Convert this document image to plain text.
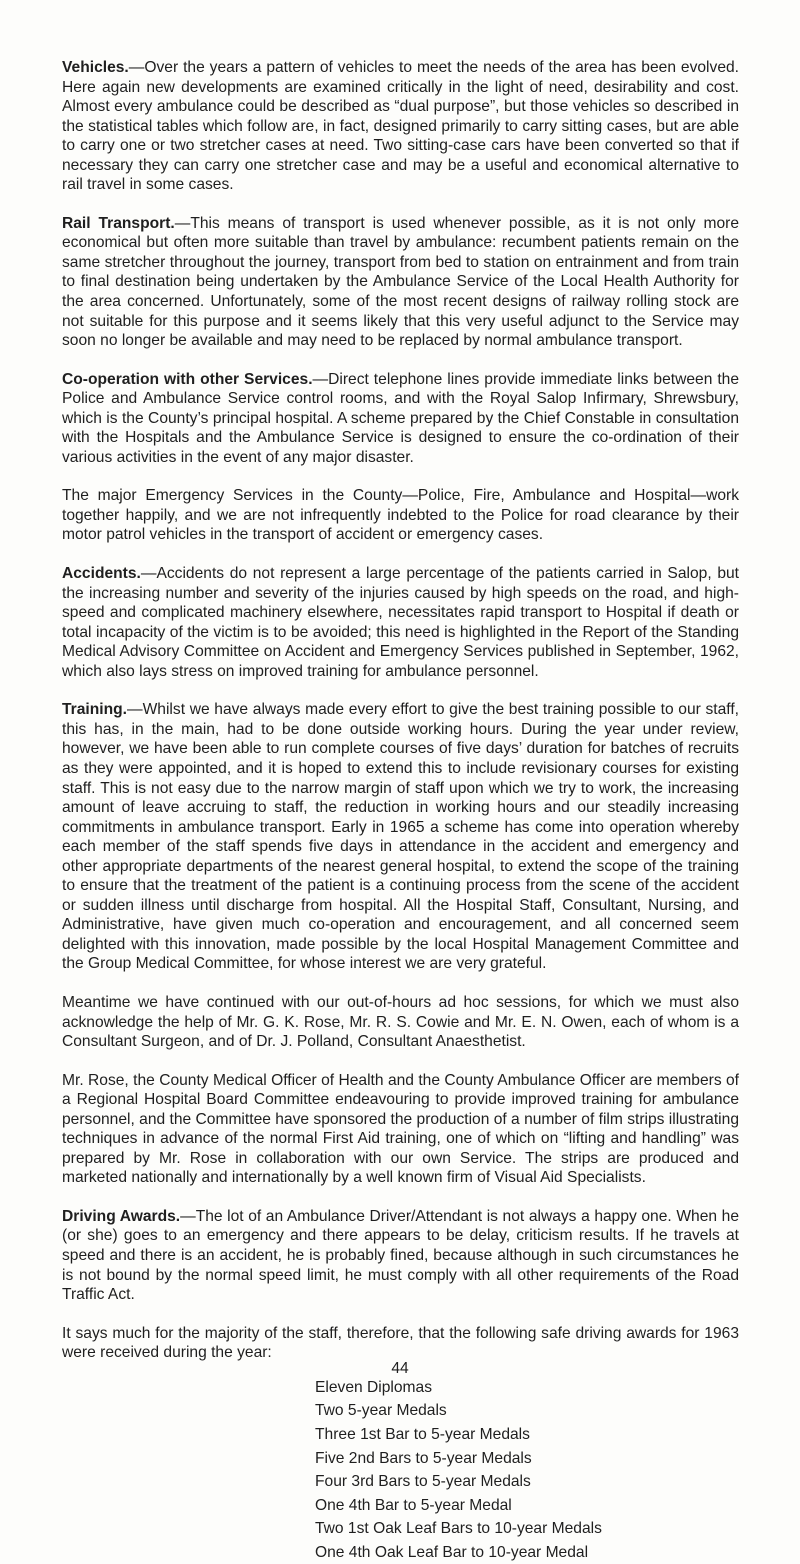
Vehicles.—Over the years a pattern of vehicles to meet the needs of the area has been evolved. Here again new developments are examined critically in the light of need, desirability and cost. Almost every ambulance could be described as “dual purpose”, but those vehicles so described in the statistical tables which follow are, in fact, designed primarily to carry sitting cases, but are able to carry one or two stretcher cases at need. Two sitting-case cars have been converted so that if necessary they can carry one stretcher case and may be a useful and economical alternative to rail travel in some cases.

Rail Transport.—This means of transport is used whenever possible, as it is not only more economical but often more suitable than travel by ambulance: recumbent patients remain on the same stretcher throughout the journey, transport from bed to station on entrainment and from train to final destination being undertaken by the Ambulance Service of the Local Health Authority for the area concerned. Unfortunately, some of the most recent designs of railway rolling stock are not suitable for this purpose and it seems likely that this very useful adjunct to the Service may soon no longer be available and may need to be replaced by normal ambulance transport.

Co-operation with other Services.—Direct telephone lines provide immediate links between the Police and Ambulance Service control rooms, and with the Royal Salop Infirmary, Shrewsbury, which is the County’s principal hospital. A scheme prepared by the Chief Constable in consultation with the Hospitals and the Ambulance Service is designed to ensure the co-ordination of their various activities in the event of any major disaster.

The major Emergency Services in the County—Police, Fire, Ambulance and Hospital—work together happily, and we are not infrequently indebted to the Police for road clearance by their motor patrol vehicles in the transport of accident or emergency cases.

Accidents.—Accidents do not represent a large percentage of the patients carried in Salop, but the increasing number and severity of the injuries caused by high speeds on the road, and high-speed and complicated machinery elsewhere, necessitates rapid transport to Hospital if death or total incapacity of the victim is to be avoided; this need is highlighted in the Report of the Standing Medical Advisory Committee on Accident and Emergency Services published in September, 1962, which also lays stress on improved training for ambulance personnel.

Training.—Whilst we have always made every effort to give the best training possible to our staff, this has, in the main, had to be done outside working hours. During the year under review, however, we have been able to run complete courses of five days’ duration for batches of recruits as they were appointed, and it is hoped to extend this to include revisionary courses for existing staff. This is not easy due to the narrow margin of staff upon which we try to work, the increasing amount of leave accruing to staff, the reduction in working hours and our steadily increasing commitments in ambulance transport. Early in 1965 a scheme has come into operation whereby each member of the staff spends five days in attendance in the accident and emergency and other appropriate departments of the nearest general hospital, to extend the scope of the training to ensure that the treatment of the patient is a continuing process from the scene of the accident or sudden illness until discharge from hospital. All the Hospital Staff, Consultant, Nursing, and Administrative, have given much co-operation and encouragement, and all concerned seem delighted with this innovation, made possible by the local Hospital Management Committee and the Group Medical Committee, for whose interest we are very grateful.

Meantime we have continued with our out-of-hours ad hoc sessions, for which we must also acknowledge the help of Mr. G. K. Rose, Mr. R. S. Cowie and Mr. E. N. Owen, each of whom is a Consultant Surgeon, and of Dr. J. Polland, Consultant Anaesthetist.

Mr. Rose, the County Medical Officer of Health and the County Ambulance Officer are members of a Regional Hospital Board Committee endeavouring to provide improved training for ambulance personnel, and the Committee have sponsored the production of a number of film strips illustrating techniques in advance of the normal First Aid training, one of which on “lifting and handling” was prepared by Mr. Rose in collaboration with our own Service. The strips are produced and marketed nationally and internationally by a well known firm of Visual Aid Specialists.

Driving Awards.—The lot of an Ambulance Driver/Attendant is not always a happy one. When he (or she) goes to an emergency and there appears to be delay, criticism results. If he travels at speed and there is an accident, he is probably fined, because although in such circumstances he is not bound by the normal speed limit, he must comply with all other requirements of the Road Traffic Act.

It says much for the majority of the staff, therefore, that the following safe driving awards for 1963 were received during the year:

Eleven Diplomas
Two 5-year Medals
Three 1st Bar to 5-year Medals
Five 2nd Bars to 5-year Medals
Four 3rd Bars to 5-year Medals
One 4th Bar to 5-year Medal
Two 1st Oak Leaf Bars to 10-year Medals
One 4th Oak Leaf Bar to 10-year Medal
44
